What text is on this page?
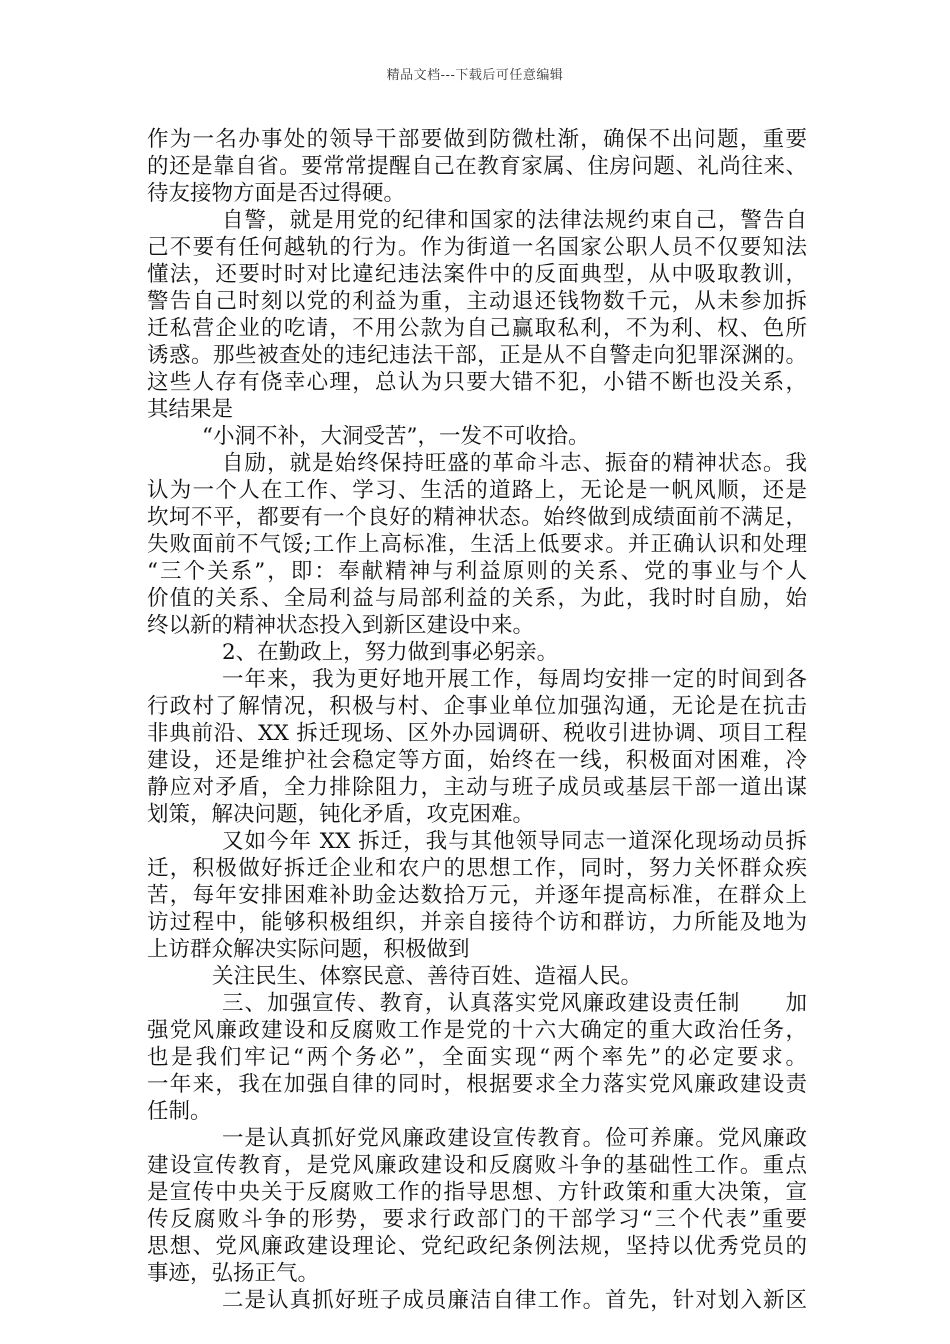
精品文档---下载后可任意编辑
作为一名办事处的领导干部要做到防微杜渐，确保不出问题，重要
的还是靠自省。要常常提醒自己在教育家属、住房问题、礼尚往来、
待友接物方面是否过得硬。
自警，就是用党的纪律和国家的法律法规约束自己，警告自
己不要有任何越轨的行为。作为街道一名国家公职人员不仅要知法
懂法，还要时时对比違纪违法案件中的反面典型，从中吸取教训，
警告自己时刻以党的利益为重，主动退还钱物数千元，从未参加拆
迁私营企业的吃请，不用公款为自己赢取私利，不为利、权、色所
诱惑。那些被查处的违纪违法干部，正是从不自警走向犯罪深渊的。
这些人存有侥幸心理，总认为只要大错不犯，小错不断也没关系，
其结果是
“小洞不补，大洞受苦”，一发不可收拾。
自励，就是始终保持旺盛的革命斗志、振奋的精神状态。我
认为一个人在工作、学习、生活的道路上，无论是一帆风顺，还是
坎坷不平，都要有一个良好的精神状态。始终做到成绩面前不满足，
失败面前不气馁;工作上高标准，生活上低要求。并正确认识和处理
“三个关系”，即：奉献精神与利益原则的关系、党的事业与个人
价值的关系、全局利益与局部利益的关系，为此，我时时自励，始
终以新的精神状态投入到新区建设中来。
2、在勤政上，努力做到事必躬亲。
一年来，我为更好地开展工作，每周均安排一定的时间到各
行政村了解情况，积极与村、企事业单位加强沟通，无论是在抗击
非典前沿、XX 拆迁现场、区外办园调研、税收引进协调、项目工程
建设，还是维护社会稳定等方面，始终在一线，积极面对困难，冷
静应对矛盾，全力排除阻力，主动与班子成员或基层干部一道出谋
划策，解决问题，钝化矛盾，攻克困难。
又如今年 XX 拆迁，我与其他领导同志一道深化现场动员拆
迁，积极做好拆迁企业和农户的思想工作，同时，努力关怀群众疾
苦，每年安排困难补助金达数拾万元，并逐年提高标准，在群众上
访过程中，能够积极组织，并亲自接待个访和群访，力所能及地为
上访群众解决实际问题，积极做到
关注民生、体察民意、善待百姓、造福人民。
三、加强宣传、教育，认真落实党风廉政建设责任制　　加
强党风廉政建设和反腐败工作是党的十六大确定的重大政治任务，
也是我们牢记“两个务必”，全面实现“两个率先”的必定要求。
一年来，我在加强自律的同时，根据要求全力落实党风廉政建设责
任制。
一是认真抓好党风廉政建设宣传教育。俭可养廉。党风廉政
建设宣传教育，是党风廉政建设和反腐败斗争的基础性工作。重点
是宣传中央关于反腐败工作的指导思想、方针政策和重大决策，宣
传反腐败斗争的形势，要求行政部门的干部学习“三个代表”重要
思想、党风廉政建设理论、党纪政纪条例法规，坚持以优秀党员的
事迹，弘扬正气。
二是认真抓好班子成员廉洁自律工作。首先，针对划入新区
